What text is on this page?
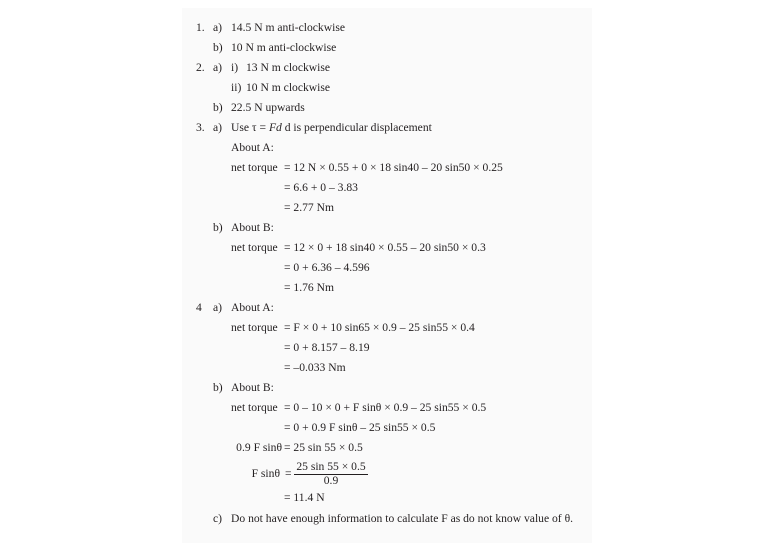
1. a) 14.5 N m anti-clockwise
b) 10 N m anti-clockwise
2. a) i) 13 N m clockwise
ii) 10 N m clockwise
b) 22.5 N upwards
3. a) Use τ = Fd d is perpendicular displacement
About A:
net torque = 12 N × 0.55 + 0 × 18 sin40 – 20 sin50 × 0.25
= 6.6 + 0 – 3.83
= 2.77 Nm
b) About B:
net torque = 12 × 0 + 18 sin40 × 0.55 – 20 sin50 × 0.3
= 0 + 6.36 – 4.596
= 1.76 Nm
4 a) About A:
net torque = F × 0 + 10 sin65 × 0.9 – 25 sin55 × 0.4
= 0 + 8.157 – 8.19
= –0.033 Nm
b) About B:
net torque = 0 – 10 × 0 + F sinθ × 0.9 – 25 sin55 × 0.5
= 0 + 0.9 F sinθ – 25 sin55 × 0.5
0.9 F sinθ = 25 sin 55 × 0.5
F sinθ =
25 sin 55 × 0.5
0.9
= 11.4 N
c) Do not have enough information to calculate F as do not know value of θ.
